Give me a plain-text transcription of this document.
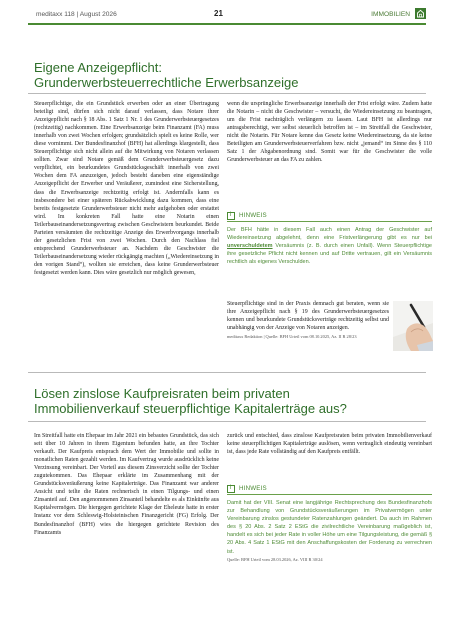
meditaxx 118 | August 2026	21	IMMOBILIEN
Eigene Anzeigepflicht:
Grunderwerbsteuerrechtliche Erwerbsanzeige

Steuerpflichtige, die ein Grundstück erwerben oder an einer Übertragung beteiligt sind, dürfen sich nicht darauf verlassen, dass Notare ihrer Anzeigepflicht nach § 18 Abs. 1 Satz 1 Nr. 1 des Grunderwerbsteuergesetzes (rechtzeitig) nachkommen. Eine Erwerbsanzeige beim Finanzamt (FA) muss innerhalb von zwei Wochen erfolgen; grundsätzlich spielt es keine Rolle, wer diese vornimmt. Der Bundesfinanzhof (BFH) hat allerdings klargestellt, dass Steuerpflichtige sich nicht allein auf die Mitwirkung von Notaren verlassen sollten. Zwar sind Notare gemäß dem Grunderwerbsteuergesetz dazu verpflichtet, ein beurkundetes Grundstücksgeschäft innerhalb von zwei Wochen dem FA anzuzeigen, jedoch besteht daneben eine eigenständige Anzeigepflicht der Erwerber und Veräußerer, zumindest eine Sicherstellung, dass die Erwerbsanzeige rechtzeitig erfolgt ist. Andernfalls kann es insbesondere bei einer späteren Rückabwicklung dazu kommen, dass eine bereits festgesetzte Grunderwerbsteuer nicht mehr aufgehoben oder erstattet wird. Im konkreten Fall hatte eine Notarin einen Teilerbauseinandersetzungsvertrag zwischen Geschwistern beurkundet. Beide Parteien versäumten die rechtzeitige Anzeige des Erwerbvorgangs innerhalb der gesetzlichen Frist von zwei Wochen. Durch den Nachlass fiel entsprechend Grunderwerbsteuer an. Nachdem die Geschwister die Teilerbauseinandersetzung wieder rückgängig machten („Wiedereinsetzung in den vorigen Stand“), wollten sie erreichen, dass keine Grunderwerbsteuer festgesetzt werden kann. Dies wäre gesetzlich nur möglich gewesen,

wenn die ursprüngliche Erwerbsanzeige innerhalb der Frist erfolgt wäre. Zudem hatte die Notarin – nicht die Geschwister – versucht, die Wiedereinsetzung zu beantragen, um die Frist nachträglich verlängern zu lassen. Laut BFH ist allerdings nur antragsberechtigt, wer selbst steuerlich betroffen ist – im Streitfall die Geschwister, nicht die Notarin. Für Notare kenne das Gesetz keine Wiedereinsetzung, da sie keine Beteiligten am Grunderwerbsteuerverfahren bzw. nicht „jemand“ im Sinne des § 110 Satz 1 der Abgabenordnung sind. Somit war für die Geschwister die volle Grunderwerbsteuer an das FA zu zahlen.

i HINWEIS
Der BFH hätte in diesem Fall auch einen Antrag der Geschwister auf Wiedereinsetzung abgelehnt, denn eine Fristverlängerung gibt es nur bei unverschuldetem Versäumnis (z. B. durch einen Unfall). Wenn Steuerpflichtige ihre gesetzliche Pflicht nicht kennen und auf Dritte vertrauen, gilt ein Versäumnis rechtlich als eigenes Verschulden.

Steuerpflichtige sind in der Praxis demnach gut beraten, wenn sie ihre Anzeigepflicht nach § 19 des Grunderwerbsteuergesetzes kennen und beurkundete Grundstücksverträge rechtzeitig selbst und unabhängig von der Anzeige von Notaren anzeigen.

meditaxx Redaktion | Quelle: BFH Urteil vom 08.10.2025, Az. II R 28/23
Lösen zinslose Kaufpreisraten beim privaten
Immobilienverkauf steuerpflichtige Kapitalerträge aus?

Im Streitfall hatte ein Ehepaar im Jahr 2021 ein bebautes Grundstück, das sich seit über 10 Jahren in ihrem Eigentum befunden hatte, an ihre Tochter verkauft. Der Kaufpreis entsprach dem Wert der Immobilie und sollte in monatlichen Raten gezahlt werden. Im Kaufvertrag wurde ausdrücklich keine Verzinsung vereinbart. Der Vorteil aus diesem Zinsverzicht sollte der Tochter zugutekommen. Das Ehepaar erklärte im Zusammenhang mit der Grundstücksveräußerung keine Kapitalerträge. Das Finanzamt war anderer Ansicht und teilte die Raten rechnerisch in einen Tilgungs- und einen Zinsanteil auf. Den angenommenen Zinsanteil behandelte es als Einkünfte aus Kapitalvermögen. Die hiergegen gerichtete Klage der Eheleute hatte in erster Instanz vor dem Schleswig-Holsteinischen Finanzgericht (FG) Erfolg. Der Bundesfinanzhof (BFH) wies die hiergegen gerichtete Revision des Finanzamts

zurück und entschied, dass zinslose Kaufpreisraten beim privaten Immobilienverkauf keine steuerpflichtigen Kapitalerträge auslösen, wenn vertraglich eindeutig vereinbart ist, dass jede Rate vollständig auf den Kaufpreis entfällt.

i HINWEIS
Damit hat der VIII. Senat eine langjährige Rechtsprechung des Bundesfinanzhofs zur Behandlung von Grundstücksveräußerungen im Privatvermögen unter Vereinbarung zinslos gestundeter Ratenzahlungen geändert. Da auch im Rahmen des § 20 Abs. 2 Satz 2 EStG die zivilrechtliche Vereinbarung maßgeblich ist, handelt es sich bei jeder Rate in voller Höhe um eine Tilgungsleistung, die gemäß § 20 Abs. 4 Satz 1 EStG mit den Anschaffungskosten der Forderung zu verrechnen ist.
Quelle: BFH Urteil vom 28.03.2026, Az. VIII R 30/24
